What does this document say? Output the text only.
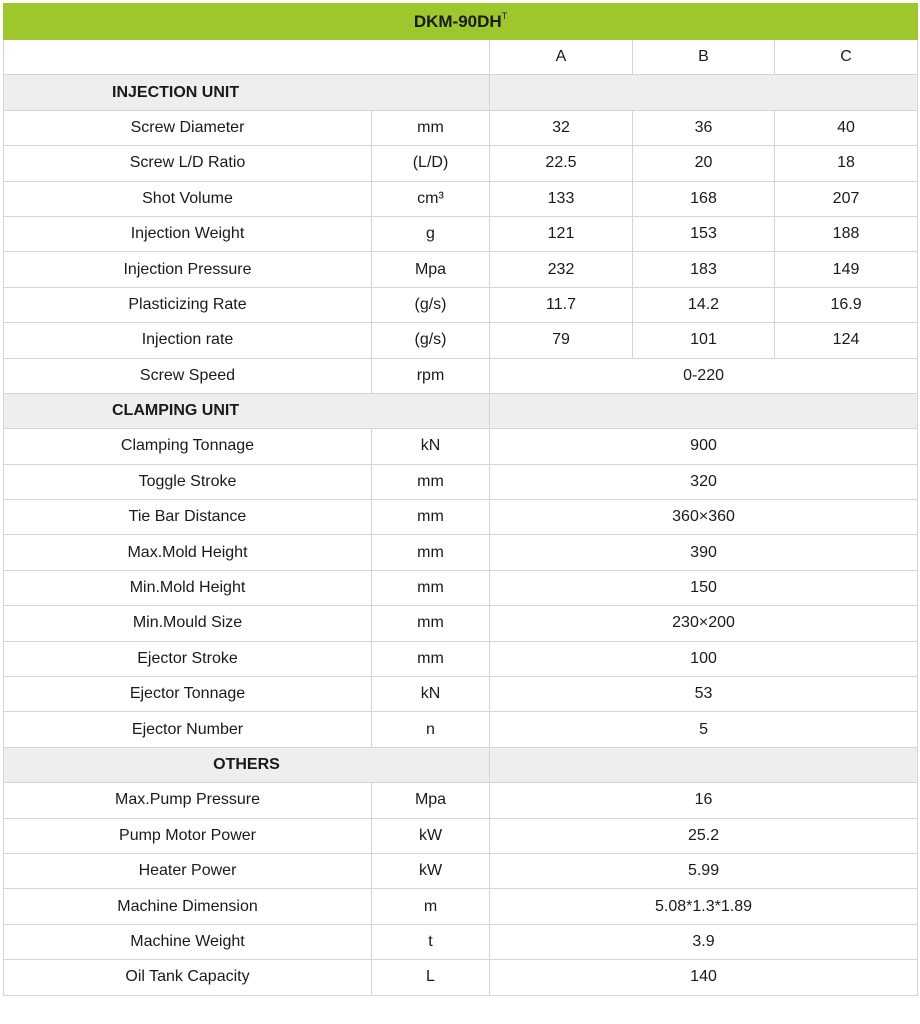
DKM-$90DH^T$
		A	B	C
INJECTION UNIT				
Screw Diameter	mm	32	36	40
Screw L/D Ratio	(L/D)	22.5	20	18
Shot Volume	cm³	133	168	207
Injection Weight	g	121	153	188
Injection Pressure	Mpa	232	183	149
Plasticizing Rate	(g/s)	11.7	14.2	16.9
Injection rate	(g/s)	79	101	124
Screw Speed	rpm	0-220		
CLAMPING UNIT				
Clamping Tonnage	kN	900		
Toggle Stroke	mm	320		
Tie Bar Distance	mm	360×360		
Max.Mold Height	mm	390		
Min.Mold Height	mm	150		
Min.Mould Size	mm	230×200		
Ejector Stroke	mm	100		
Ejector Tonnage	kN	53		
Ejector Number	n	5		
OTHERS				
Max.Pump Pressure	Mpa	16		
Pump Motor Power	kW	25.2		
Heater Power	kW	5.99		
Machine Dimension	m	5.08*1.3*1.89		
Machine Weight	t	3.9		
Oil Tank Capacity	L	140		
